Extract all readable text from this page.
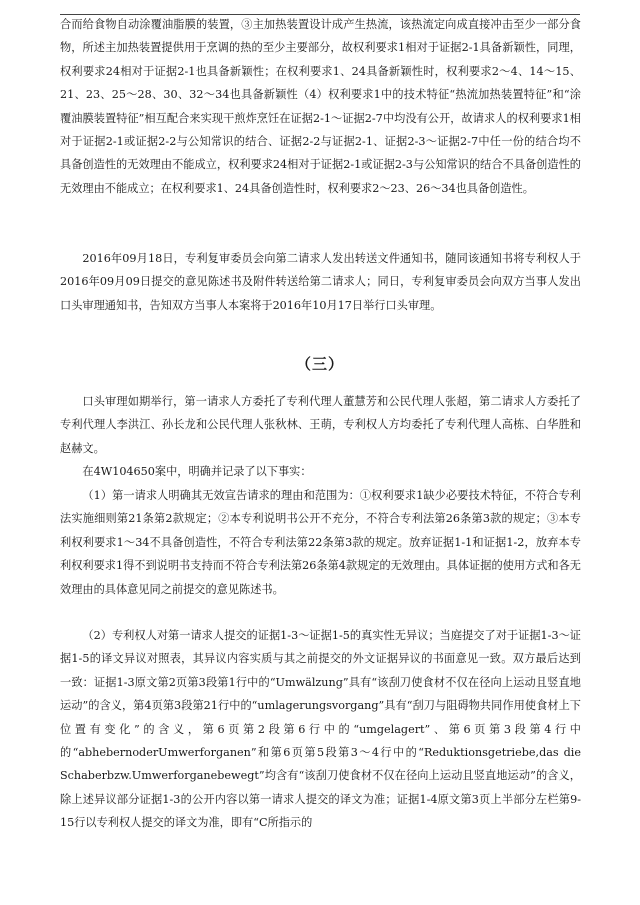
合而给食物自动涂覆油脂膜的装置，③主加热装置设计成产生热流，该热流定向成直接冲击至少一部分食物，所述主加热装置提供用于烹调的热的至少主要部分，故权利要求1相对于证据2-1具备新颖性，同理，权利要求24相对于证据2-1也具备新颖性；在权利要求1、24具备新颖性时，权利要求2～4、14～15、21、23、25～28、30、32～34也具备新颖性（4）权利要求1中的技术特征“热流加热装置特征”和“涂覆油膜装置特征”相互配合来实现干煎炸烹饪在证据2-1～证据2-7中均没有公开，故请求人的权利要求1相对于证据2-1或证据2-2与公知常识的结合、证据2-2与证据2-1、证据2-3～证据2-7中任一份的结合均不具备创造性的无效理由不能成立，权利要求24相对于证据2-1或证据2-3与公知常识的结合不具备创造性的无效理由不能成立；在权利要求1、24具备创造性时，权利要求2～23、26～34也具备创造性。

2016年09月18日，专利复审委员会向第二请求人发出转送文件通知书，随同该通知书将专利权人于2016年09月09日提交的意见陈述书及附件转送给第二请求人；同日，专利复审委员会向双方当事人发出口头审理通知书，告知双方当事人本案将于2016年10月17日举行口头审理。

（三）

口头审理如期举行，第一请求人方委托了专利代理人董慧芳和公民代理人张超，第二请求人方委托了专利代理人李洪江、孙长龙和公民代理人张秋林、王萌，专利权人方均委托了专利代理人高栋、白华胜和赵赫文。

在4W104650案中，明确并记录了以下事实：

（1）第一请求人明确其无效宣告请求的理由和范围为：①权利要求1缺少必要技术特征，不符合专利法实施细则第21条第2款规定；②本专利说明书公开不充分，不符合专利法第26条第3款的规定；③本专利权利要求1～34不具备创造性，不符合专利法第22条第3款的规定。放弃证据1-1和证据1-2，放弃本专利权利要求1得不到说明书支持而不符合专利法第26条第4款规定的无效理由。具体证据的使用方式和各无效理由的具体意见同之前提交的意见陈述书。

（2）专利权人对第一请求人提交的证据1-3～证据1-5的真实性无异议；当庭提交了对于证据1-3～证据1-5的译文异议对照表，其异议内容实质与其之前提交的外文证据异议的书面意见一致。双方最后达到一致：证据1-3原文第2页第3段第1行中的“Umwälzung”具有“该刮刀使食材不仅在径向上运动且竖直地运动”的含义，第4页第3段第21行中的“umlagerungsvorgang”具有“刮刀与阻碍物共同作用使食材上下位置有变化”的含义，第6页第2段第6行中的“umgelagert”、第6页第3段第4行中的“abhebernoderUmwerforganen”和第6页第5段第3～4行中的“Reduktionsgetriebe,das die Schaberbzw.Umwerforganebewegt”均含有“该刮刀使食材不仅在径向上运动且竖直地运动”的含义，除上述异议部分证据1-3的公开内容以第一请求人提交的译文为准；证据1-4原文第3页上半部分左栏第9-15行以专利权人提交的译文为准，即有“C所指示的
